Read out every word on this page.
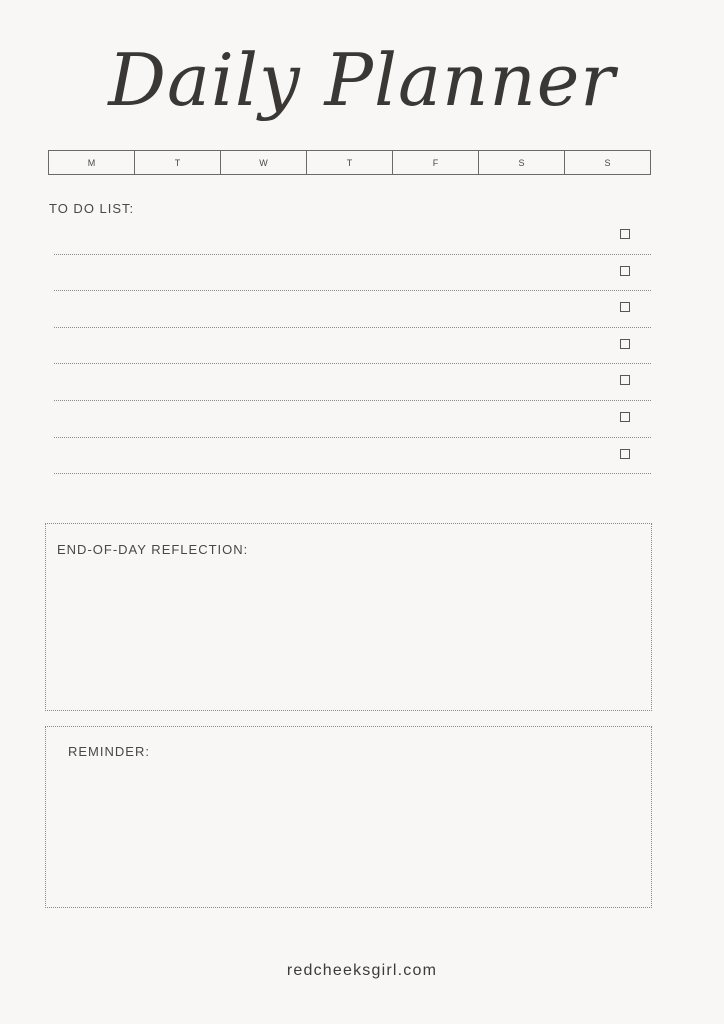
Daily Planner
M	T	W	T	F	S	S
TO DO LIST:
END-OF-DAY REFLECTION:
REMINDER:
redcheeksgirl.com
